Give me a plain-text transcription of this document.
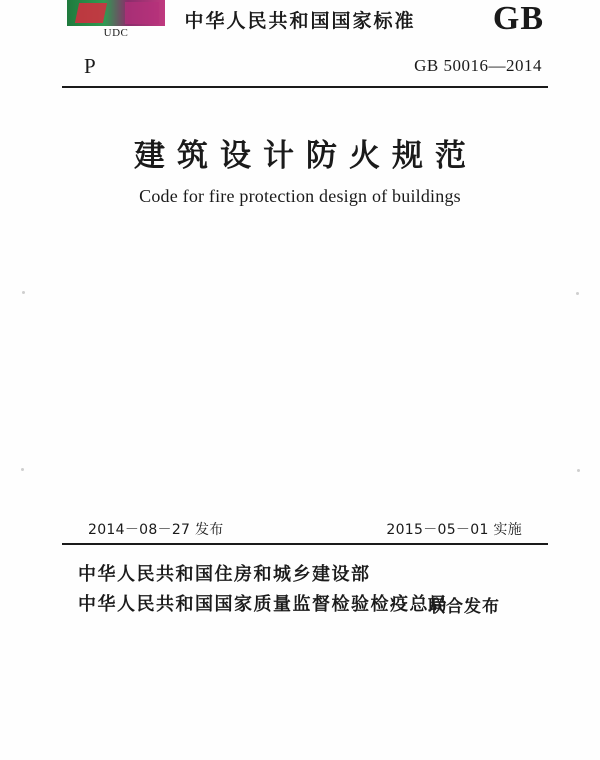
UDC
中华人民共和国国家标准	GB
P	GB 50016—2014
建筑设计防火规范
Code for fire protection design of buildings
2014－08－27 发布	2015－05－01 实施
中华人民共和国住房和城乡建设部
中华人民共和国国家质量监督检验检疫总局
联合发布
